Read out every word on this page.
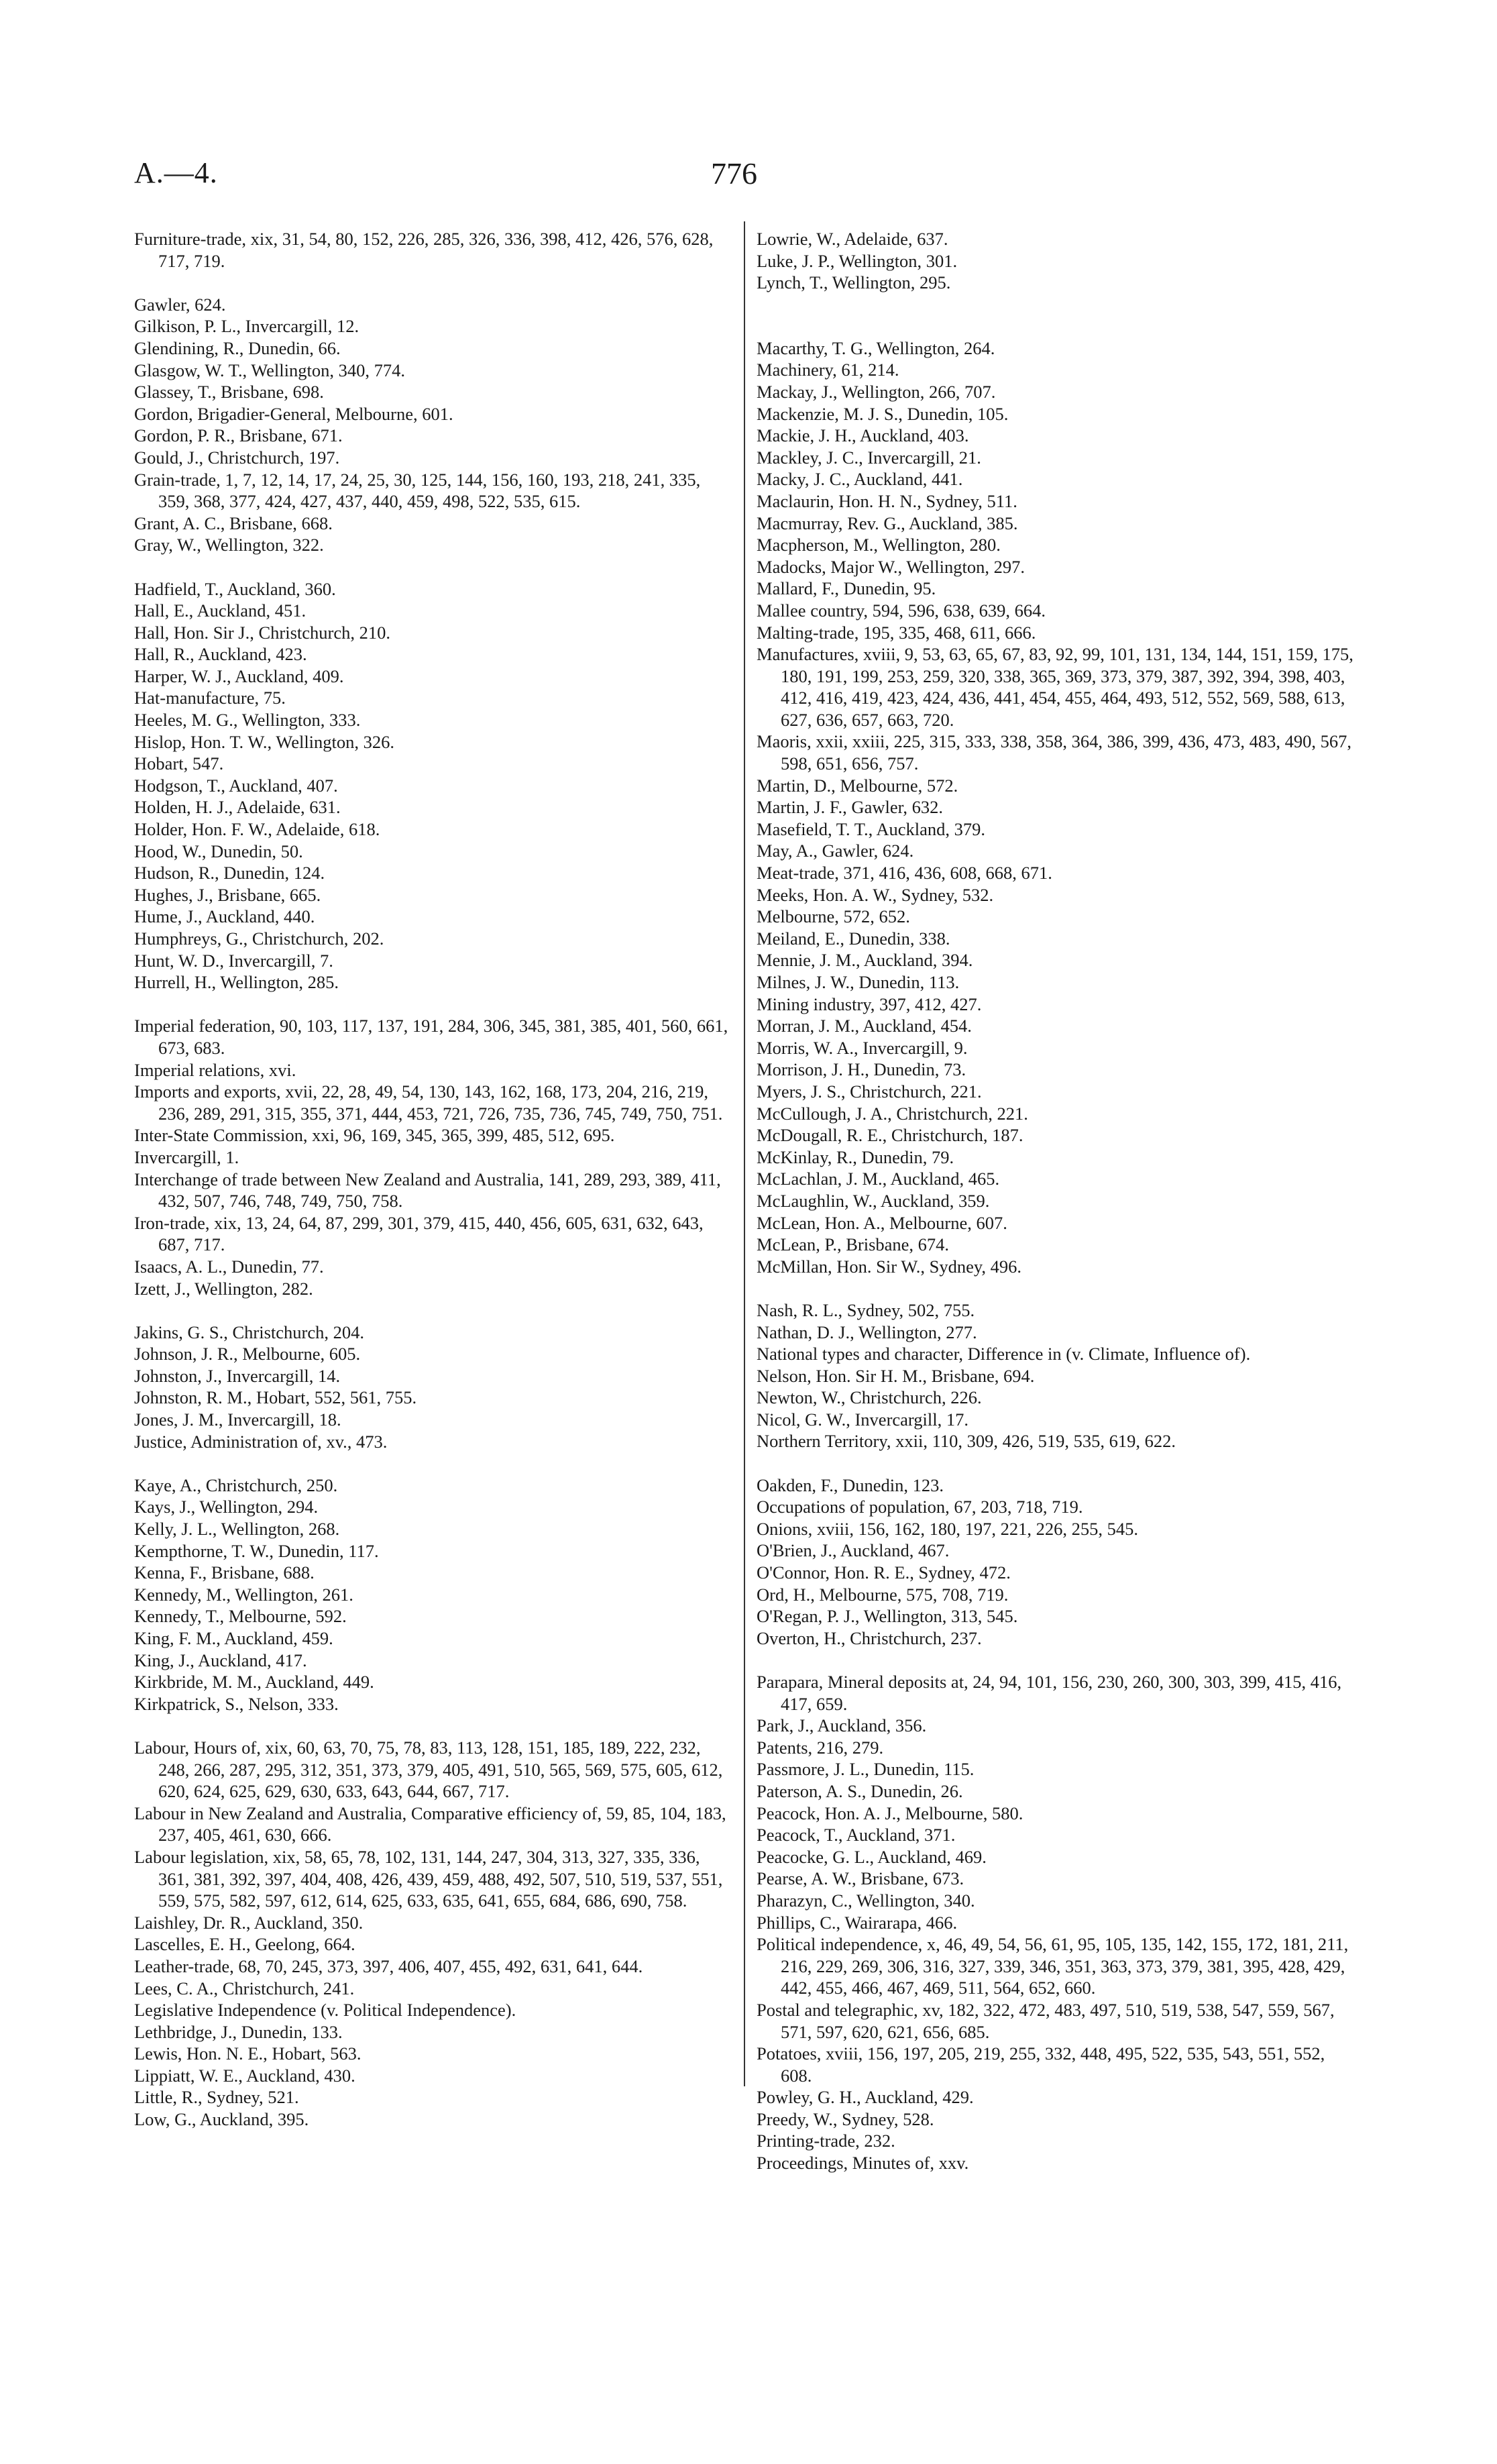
A.—4.	776
Furniture-trade, xix, 31, 54, 80, 152, 226, 285, 326, 336, 398, 412, 426, 576, 628, 717, 719.
Gawler, 624.
Gilkison, P. L., Invercargill, 12.
Glendining, R., Dunedin, 66.
Glasgow, W. T., Wellington, 340, 774.
Glassey, T., Brisbane, 698.
Gordon, Brigadier-General, Melbourne, 601.
Gordon, P. R., Brisbane, 671.
Gould, J., Christchurch, 197.
Grain-trade, 1, 7, 12, 14, 17, 24, 25, 30, 125, 144, 156, 160, 193, 218, 241, 335, 359, 368, 377, 424, 427, 437, 440, 459, 498, 522, 535, 615.
Grant, A. C., Brisbane, 668.
Gray, W., Wellington, 322.
Hadfield, T., Auckland, 360.
Hall, E., Auckland, 451.
Hall, Hon. Sir J., Christchurch, 210.
Hall, R., Auckland, 423.
Harper, W. J., Auckland, 409.
Hat-manufacture, 75.
Heeles, M. G., Wellington, 333.
Hislop, Hon. T. W., Wellington, 326.
Hobart, 547.
Hodgson, T., Auckland, 407.
Holden, H. J., Adelaide, 631.
Holder, Hon. F. W., Adelaide, 618.
Hood, W., Dunedin, 50.
Hudson, R., Dunedin, 124.
Hughes, J., Brisbane, 665.
Hume, J., Auckland, 440.
Humphreys, G., Christchurch, 202.
Hunt, W. D., Invercargill, 7.
Hurrell, H., Wellington, 285.
Imperial federation, 90, 103, 117, 137, 191, 284, 306, 345, 381, 385, 401, 560, 661, 673, 683.
Imperial relations, xvi.
Imports and exports, xvii, 22, 28, 49, 54, 130, 143, 162, 168, 173, 204, 216, 219, 236, 289, 291, 315, 355, 371, 444, 453, 721, 726, 735, 736, 745, 749, 750, 751.
Inter-State Commission, xxi, 96, 169, 345, 365, 399, 485, 512, 695.
Invercargill, 1.
Interchange of trade between New Zealand and Australia, 141, 289, 293, 389, 411, 432, 507, 746, 748, 749, 750, 758.
Iron-trade, xix, 13, 24, 64, 87, 299, 301, 379, 415, 440, 456, 605, 631, 632, 643, 687, 717.
Isaacs, A. L., Dunedin, 77.
Izett, J., Wellington, 282.
Jakins, G. S., Christchurch, 204.
Johnson, J. R., Melbourne, 605.
Johnston, J., Invercargill, 14.
Johnston, R. M., Hobart, 552, 561, 755.
Jones, J. M., Invercargill, 18.
Justice, Administration of, xv., 473.
Kaye, A., Christchurch, 250.
Kays, J., Wellington, 294.
Kelly, J. L., Wellington, 268.
Kempthorne, T. W., Dunedin, 117.
Kenna, F., Brisbane, 688.
Kennedy, M., Wellington, 261.
Kennedy, T., Melbourne, 592.
King, F. M., Auckland, 459.
King, J., Auckland, 417.
Kirkbride, M. M., Auckland, 449.
Kirkpatrick, S., Nelson, 333.
Labour, Hours of, xix, 60, 63, 70, 75, 78, 83, 113, 128, 151, 185, 189, 222, 232, 248, 266, 287, 295, 312, 351, 373, 379, 405, 491, 510, 565, 569, 575, 605, 612, 620, 624, 625, 629, 630, 633, 643, 644, 667, 717.
Labour in New Zealand and Australia, Comparative efficiency of, 59, 85, 104, 183, 237, 405, 461, 630, 666.
Labour legislation, xix, 58, 65, 78, 102, 131, 144, 247, 304, 313, 327, 335, 336, 361, 381, 392, 397, 404, 408, 426, 439, 459, 488, 492, 507, 510, 519, 537, 551, 559, 575, 582, 597, 612, 614, 625, 633, 635, 641, 655, 684, 686, 690, 758.
Laishley, Dr. R., Auckland, 350.
Lascelles, E. H., Geelong, 664.
Leather-trade, 68, 70, 245, 373, 397, 406, 407, 455, 492, 631, 641, 644.
Lees, C. A., Christchurch, 241.
Legislative Independence (v. Political Independence).
Lethbridge, J., Dunedin, 133.
Lewis, Hon. N. E., Hobart, 563.
Lippiatt, W. E., Auckland, 430.
Little, R., Sydney, 521.
Low, G., Auckland, 395.
Lowrie, W., Adelaide, 637.
Luke, J. P., Wellington, 301.
Lynch, T., Wellington, 295.
Macarthy, T. G., Wellington, 264.
Machinery, 61, 214.
Mackay, J., Wellington, 266, 707.
Mackenzie, M. J. S., Dunedin, 105.
Mackie, J. H., Auckland, 403.
Mackley, J. C., Invercargill, 21.
Macky, J. C., Auckland, 441.
Maclaurin, Hon. H. N., Sydney, 511.
Macmurray, Rev. G., Auckland, 385.
Macpherson, M., Wellington, 280.
Madocks, Major W., Wellington, 297.
Mallard, F., Dunedin, 95.
Mallee country, 594, 596, 638, 639, 664.
Malting-trade, 195, 335, 468, 611, 666.
Manufactures, xviii, 9, 53, 63, 65, 67, 83, 92, 99, 101, 131, 134, 144, 151, 159, 175, 180, 191, 199, 253, 259, 320, 338, 365, 369, 373, 379, 387, 392, 394, 398, 403, 412, 416, 419, 423, 424, 436, 441, 454, 455, 464, 493, 512, 552, 569, 588, 613, 627, 636, 657, 663, 720.
Maoris, xxii, xxiii, 225, 315, 333, 338, 358, 364, 386, 399, 436, 473, 483, 490, 567, 598, 651, 656, 757.
Martin, D., Melbourne, 572.
Martin, J. F., Gawler, 632.
Masefield, T. T., Auckland, 379.
May, A., Gawler, 624.
Meat-trade, 371, 416, 436, 608, 668, 671.
Meeks, Hon. A. W., Sydney, 532.
Melbourne, 572, 652.
Meiland, E., Dunedin, 338.
Mennie, J. M., Auckland, 394.
Milnes, J. W., Dunedin, 113.
Mining industry, 397, 412, 427.
Morran, J. M., Auckland, 454.
Morris, W. A., Invercargill, 9.
Morrison, J. H., Dunedin, 73.
Myers, J. S., Christchurch, 221.
McCullough, J. A., Christchurch, 221.
McDougall, R. E., Christchurch, 187.
McKinlay, R., Dunedin, 79.
McLachlan, J. M., Auckland, 465.
McLaughlin, W., Auckland, 359.
McLean, Hon. A., Melbourne, 607.
McLean, P., Brisbane, 674.
McMillan, Hon. Sir W., Sydney, 496.
Nash, R. L., Sydney, 502, 755.
Nathan, D. J., Wellington, 277.
National types and character, Difference in (v. Climate, Influence of).
Nelson, Hon. Sir H. M., Brisbane, 694.
Newton, W., Christchurch, 226.
Nicol, G. W., Invercargill, 17.
Northern Territory, xxii, 110, 309, 426, 519, 535, 619, 622.
Oakden, F., Dunedin, 123.
Occupations of population, 67, 203, 718, 719.
Onions, xviii, 156, 162, 180, 197, 221, 226, 255, 545.
O'Brien, J., Auckland, 467.
O'Connor, Hon. R. E., Sydney, 472.
Ord, H., Melbourne, 575, 708, 719.
O'Regan, P. J., Wellington, 313, 545.
Overton, H., Christchurch, 237.
Parapara, Mineral deposits at, 24, 94, 101, 156, 230, 260, 300, 303, 399, 415, 416, 417, 659.
Park, J., Auckland, 356.
Patents, 216, 279.
Passmore, J. L., Dunedin, 115.
Paterson, A. S., Dunedin, 26.
Peacock, Hon. A. J., Melbourne, 580.
Peacock, T., Auckland, 371.
Peacocke, G. L., Auckland, 469.
Pearse, A. W., Brisbane, 673.
Pharazyn, C., Wellington, 340.
Phillips, C., Wairarapa, 466.
Political independence, x, 46, 49, 54, 56, 61, 95, 105, 135, 142, 155, 172, 181, 211, 216, 229, 269, 306, 316, 327, 339, 346, 351, 363, 373, 379, 381, 395, 428, 429, 442, 455, 466, 467, 469, 511, 564, 652, 660.
Postal and telegraphic, xv, 182, 322, 472, 483, 497, 510, 519, 538, 547, 559, 567, 571, 597, 620, 621, 656, 685.
Potatoes, xviii, 156, 197, 205, 219, 255, 332, 448, 495, 522, 535, 543, 551, 552, 608.
Powley, G. H., Auckland, 429.
Preedy, W., Sydney, 528.
Printing-trade, 232.
Proceedings, Minutes of, xxv.
